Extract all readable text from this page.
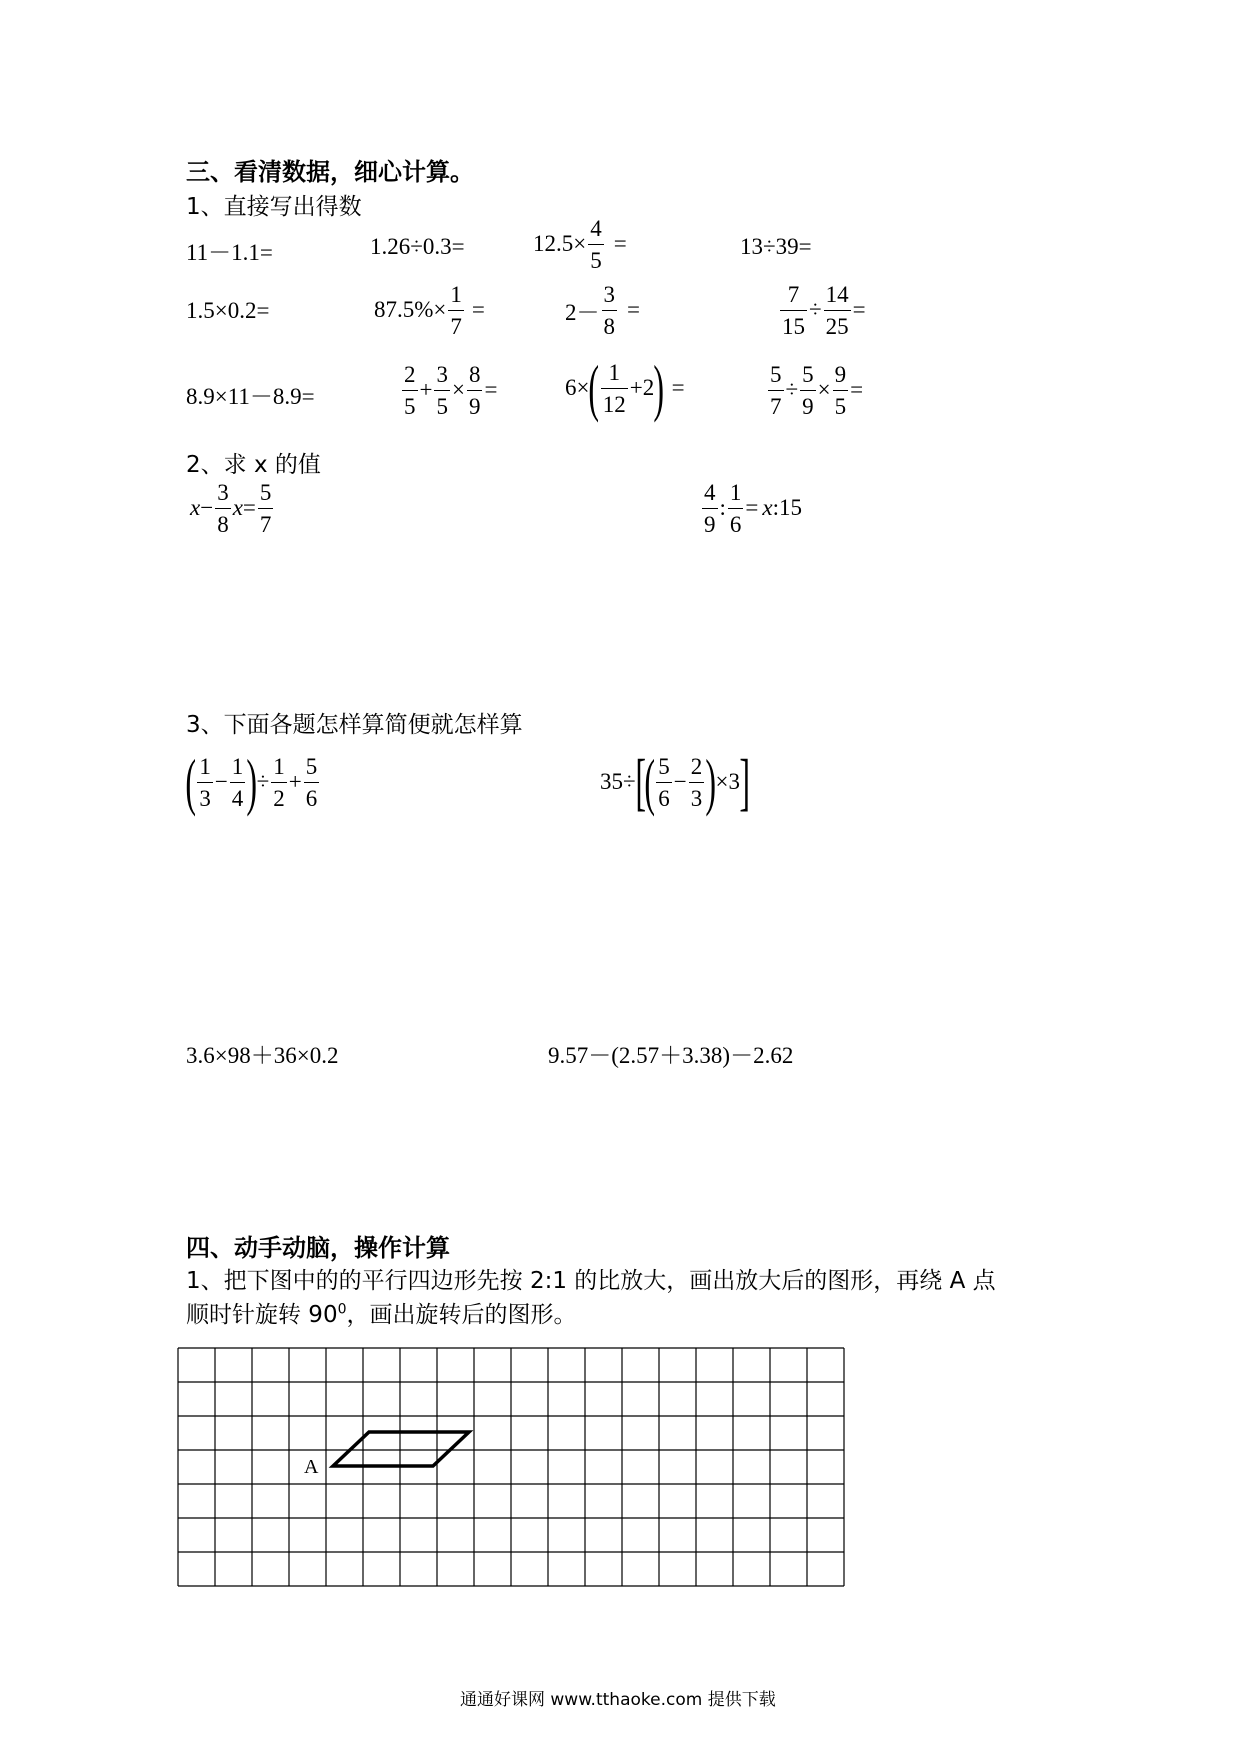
三、看清数据，细心计算。
1、直接写出得数
11－1.1=	1.26÷0.3=	$12.5\times \frac{4}{5}$ =	13÷39=
1.5×0.2=	$87.5\%\times \frac{1}{7}$ =	$2- \frac{3}{8}$ =	$\frac{7}{15} \div \frac{14}{25}$ =
8.9×11－8.9=	$\frac{2}{5} + \frac{3}{5} \times \frac{8}{9}$ =	6× ( $\frac{1}{12} +2$ ) =	$\frac{5}{7} \div \frac{5}{9} \times \frac{9}{5}$ =
2、求 x 的值
$x - \frac{3}{8}$ $x = \frac{5}{7}$	$\frac{4}{9}$ : $\frac{1}{6} = x$ :15
3、下面各题怎样算简便就怎样算
( $\frac{1}{3} - \frac{1}{4}$ ) ÷ $\frac{1}{2} + \frac{5}{6}$	35÷ [
( $\frac{5}{6} - \frac{2}{3}$ ) ×3 ]
3.6×98＋36×0.2	9.57－(2.57＋3.38)－2.62
四、动手动脑，操作计算
1、把下图中的的平行四边形先按 2:1 的比放大，画出放大后的图形，再绕 A 点
顺时针旋转 $90^0$，画出旋转后的图形。
A
通通好课网 www.tthaoke.com 提供下载
